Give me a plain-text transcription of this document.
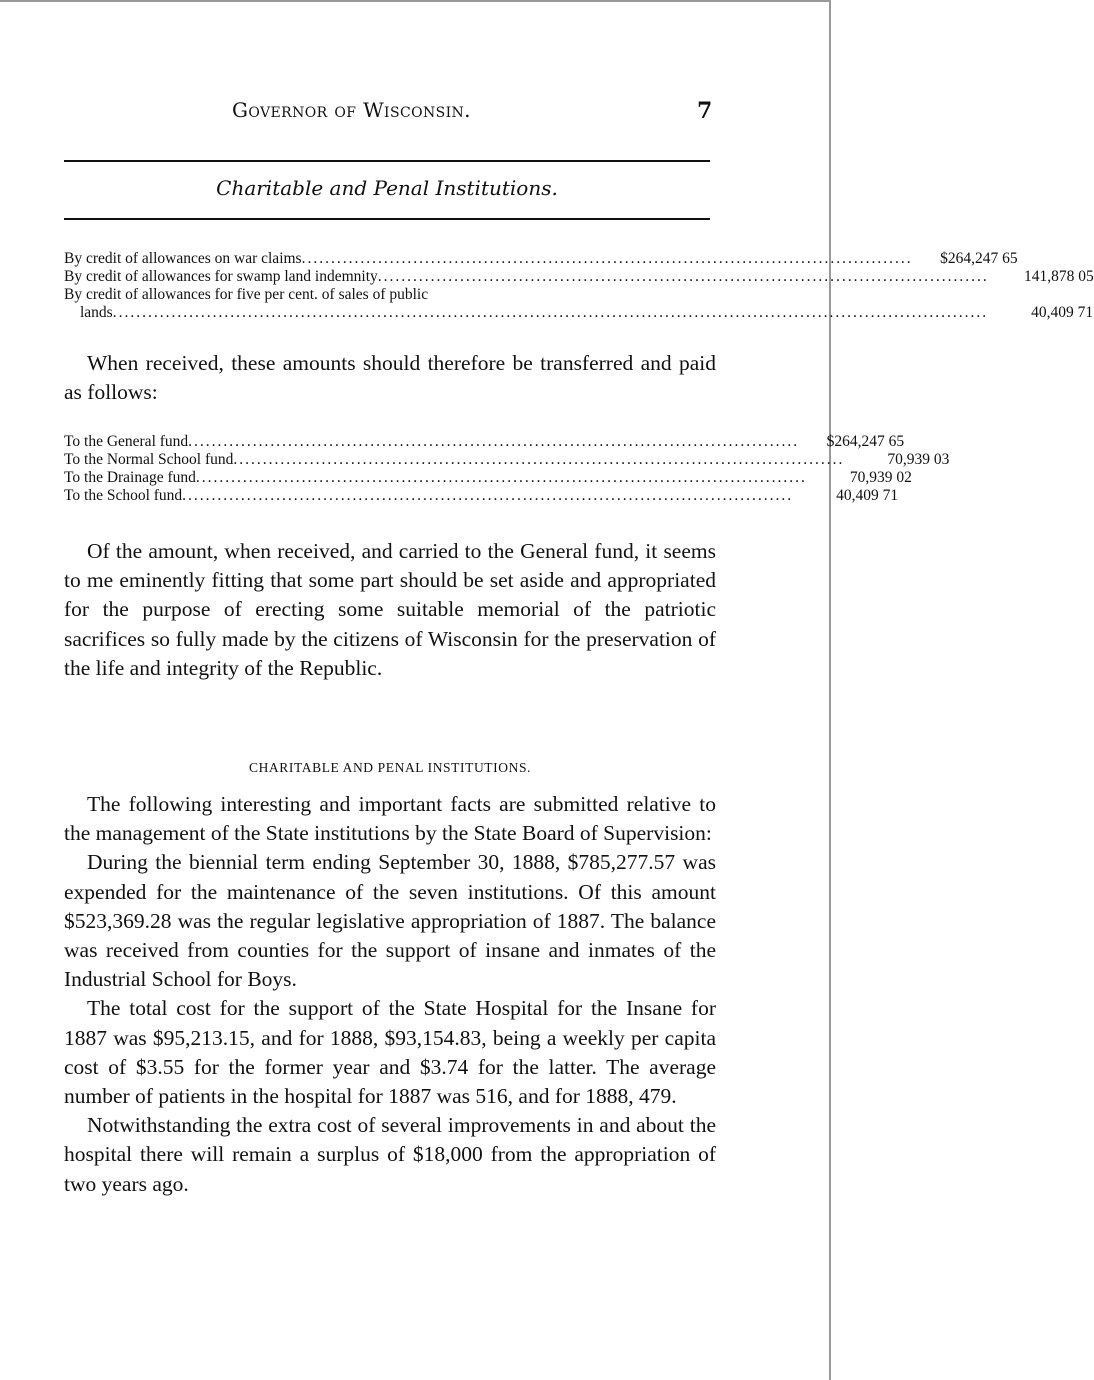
Governor of Wisconsin.	7
Charitable and Penal Institutions.
By credit of allowances on war claims ........................................................................................................	$264,247 65
By credit of allowances for swamp land indemnity ........................................................................................................	141,878 05
By credit of allowances for five per cent. of sales of public
lands .....................................................................................................................................................	40,409 71

When received, these amounts should therefore be transferred and paid as follows:

To the General fund ........................................................................................................	$264,247 65
To the Normal School fund ........................................................................................................	70,939 03
To the Drainage fund ........................................................................................................	70,939 02
To the School fund ........................................................................................................	40,409 71

Of the amount, when received, and carried to the General fund, it seems to me eminently fitting that some part should be set aside and appropriated for the purpose of erecting some suitable memorial of the patriotic sacrifices so fully made by the citizens of Wisconsin for the preservation of the life and integrity of the Republic.

CHARITABLE AND PENAL INSTITUTIONS.

The following interesting and important facts are submitted relative to the management of the State institutions by the State Board of Supervision:

During the biennial term ending September 30, 1888, $785,277.57 was expended for the maintenance of the seven institutions. Of this amount $523,369.28 was the regular legislative appropriation of 1887. The balance was received from counties for the support of insane and inmates of the Industrial School for Boys.

The total cost for the support of the State Hospital for the Insane for 1887 was $95,213.15, and for 1888, $93,154.83, being a weekly per capita cost of $3.55 for the former year and $3.74 for the latter. The average number of patients in the hospital for 1887 was 516, and for 1888, 479.

Notwithstanding the extra cost of several improvements in and about the hospital there will remain a surplus of $18,000 from the appropriation of two years ago.
